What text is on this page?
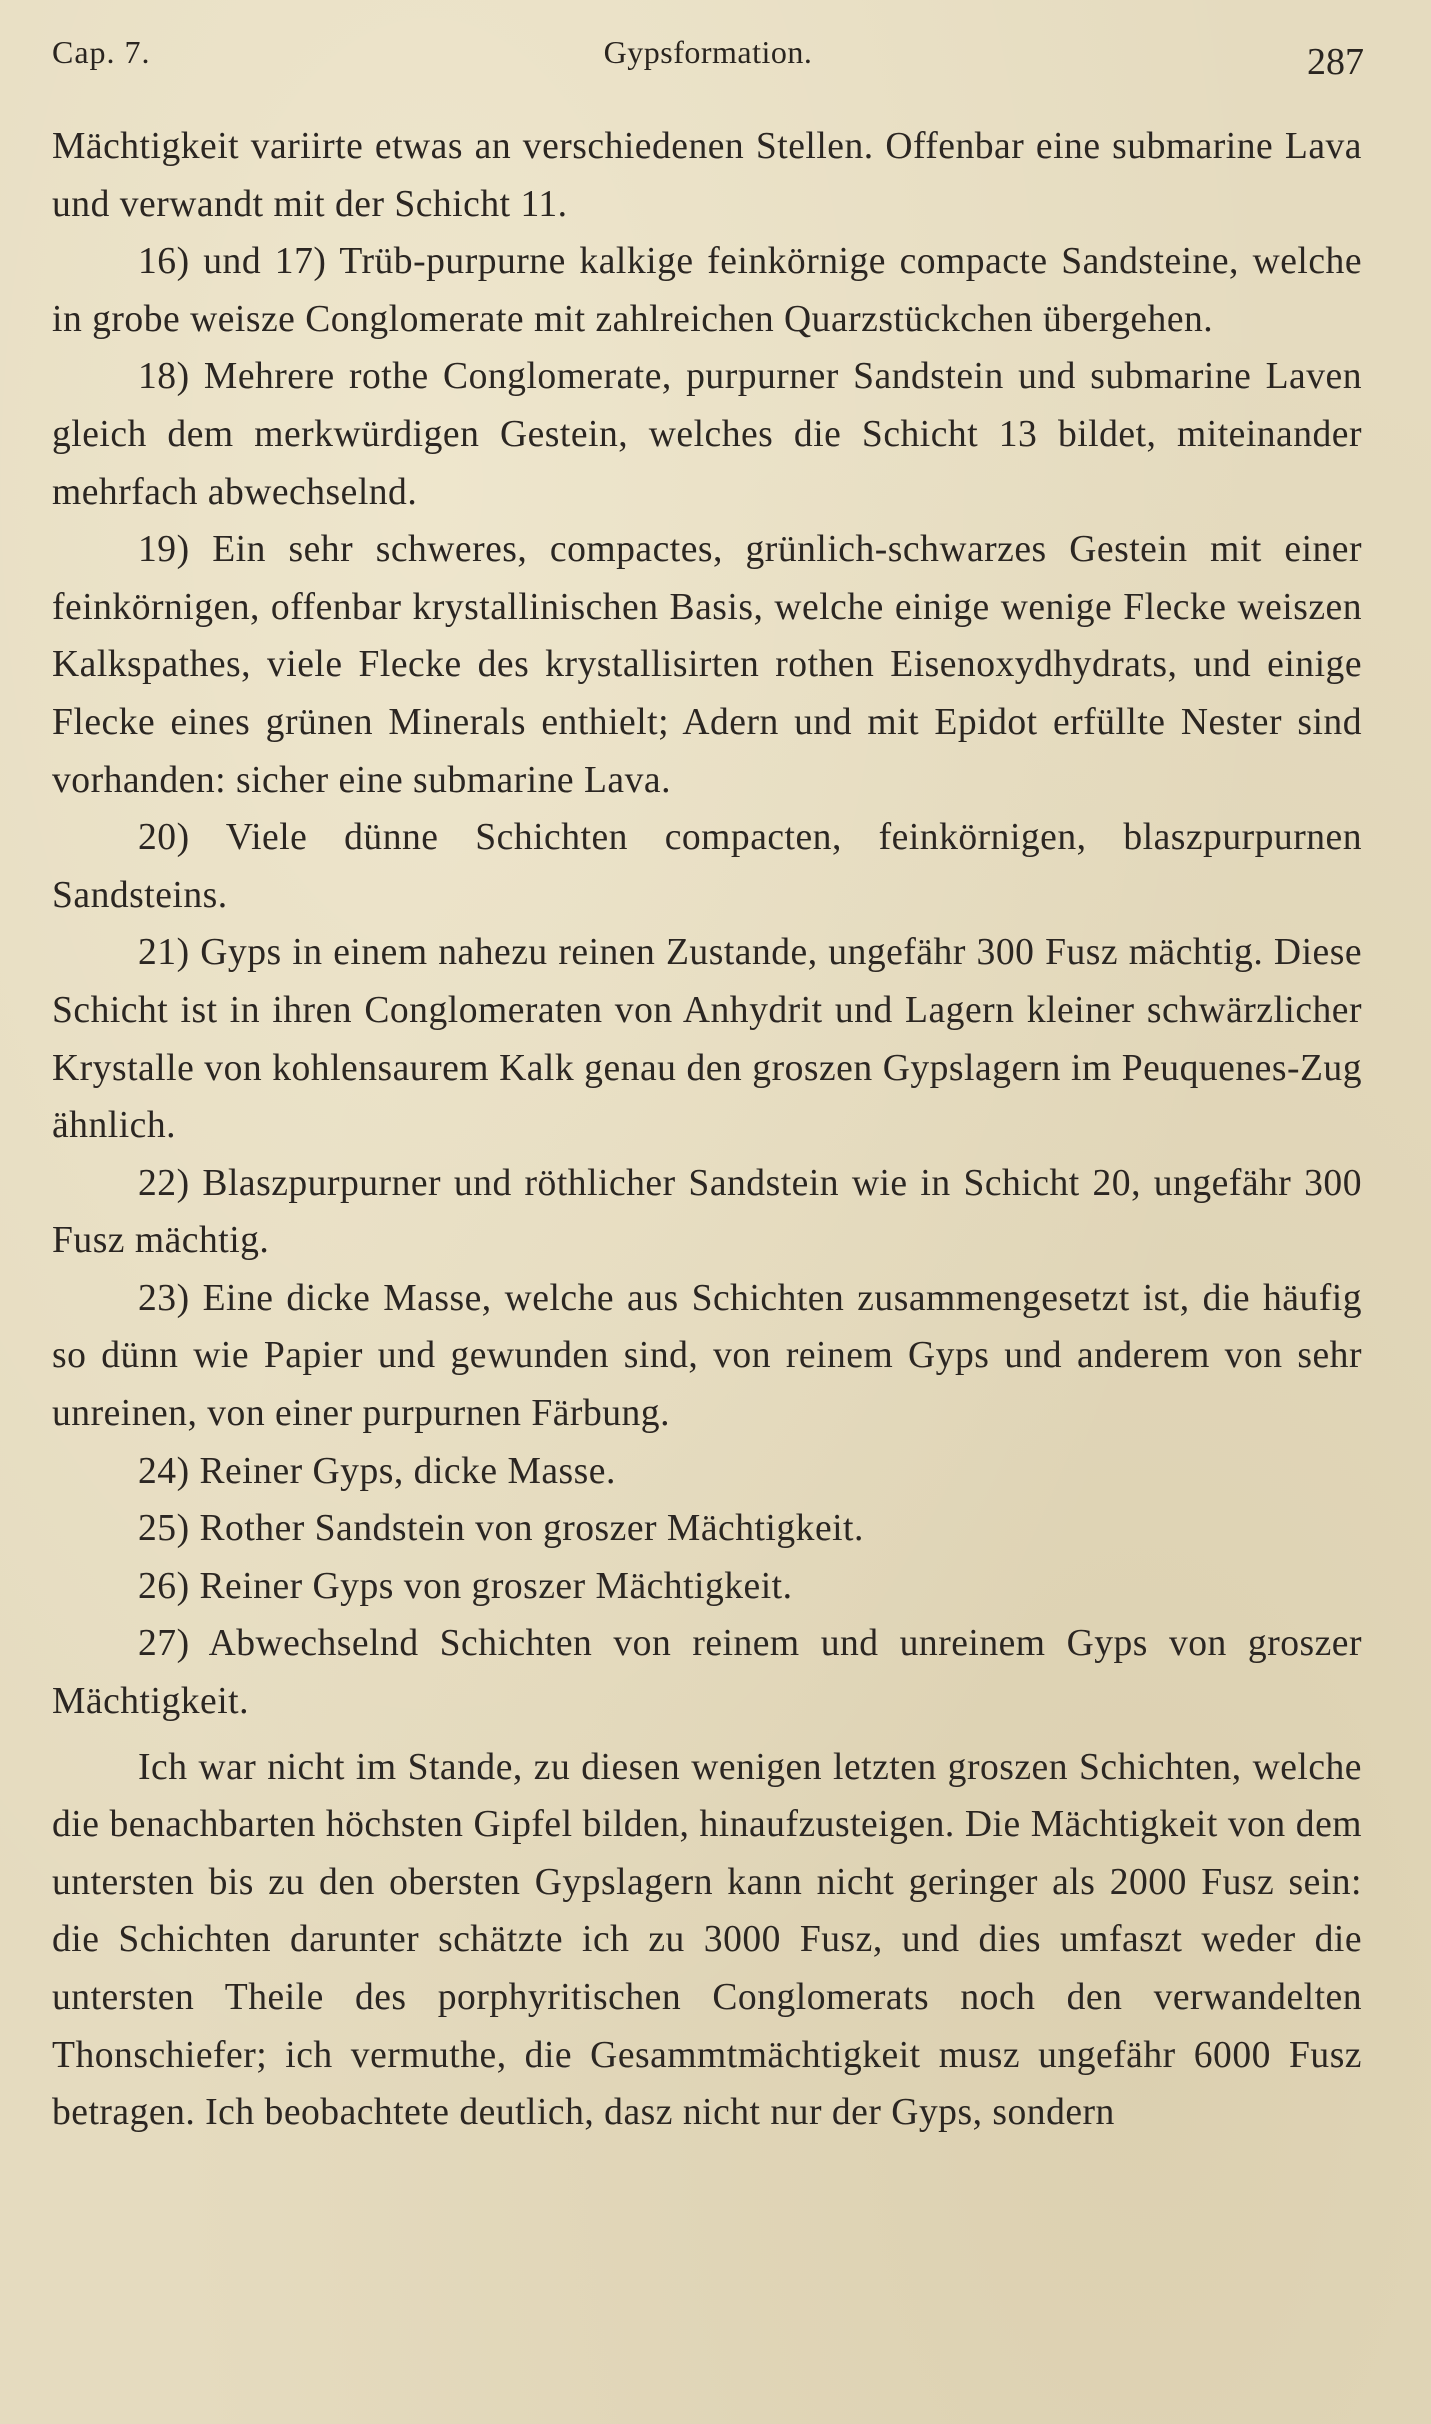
Cap. 7.	Gypsformation.	287

Mächtigkeit variirte etwas an verschiedenen Stellen. Offenbar eine submarine Lava und verwandt mit der Schicht 11.

16) und 17) Trüb-purpurne kalkige feinkörnige compacte Sandsteine, welche in grobe weisze Conglomerate mit zahlreichen Quarzstückchen übergehen.

18) Mehrere rothe Conglomerate, purpurner Sandstein und submarine Laven gleich dem merkwürdigen Gestein, welches die Schicht 13 bildet, miteinander mehrfach abwechselnd.

19) Ein sehr schweres, compactes, grünlich-schwarzes Gestein mit einer feinkörnigen, offenbar krystallinischen Basis, welche einige wenige Flecke weiszen Kalkspathes, viele Flecke des krystallisirten rothen Eisenoxydhydrats, und einige Flecke eines grünen Minerals enthielt; Adern und mit Epidot erfüllte Nester sind vorhanden: sicher eine submarine Lava.

20) Viele dünne Schichten compacten, feinkörnigen, blaszpurpurnen Sandsteins.

21) Gyps in einem nahezu reinen Zustande, ungefähr 300 Fusz mächtig. Diese Schicht ist in ihren Conglomeraten von Anhydrit und Lagern kleiner schwärzlicher Krystalle von kohlensaurem Kalk genau den groszen Gypslagern im Peuquenes-Zug ähnlich.

22) Blaszpurpurner und röthlicher Sandstein wie in Schicht 20, ungefähr 300 Fusz mächtig.

23) Eine dicke Masse, welche aus Schichten zusammengesetzt ist, die häufig so dünn wie Papier und gewunden sind, von reinem Gyps und anderem von sehr unreinen, von einer purpurnen Färbung.

24) Reiner Gyps, dicke Masse.

25) Rother Sandstein von groszer Mächtigkeit.

26) Reiner Gyps von groszer Mächtigkeit.

27) Abwechselnd Schichten von reinem und unreinem Gyps von groszer Mächtigkeit.

Ich war nicht im Stande, zu diesen wenigen letzten groszen Schichten, welche die benachbarten höchsten Gipfel bilden, hinaufzusteigen. Die Mächtigkeit von dem untersten bis zu den obersten Gypslagern kann nicht geringer als 2000 Fusz sein: die Schichten darunter schätzte ich zu 3000 Fusz, und dies umfaszt weder die untersten Theile des porphyritischen Conglomerats noch den verwandelten Thonschiefer; ich vermuthe, die Gesammtmächtigkeit musz ungefähr 6000 Fusz betragen. Ich beobachtete deutlich, dasz nicht nur der Gyps, sondern
